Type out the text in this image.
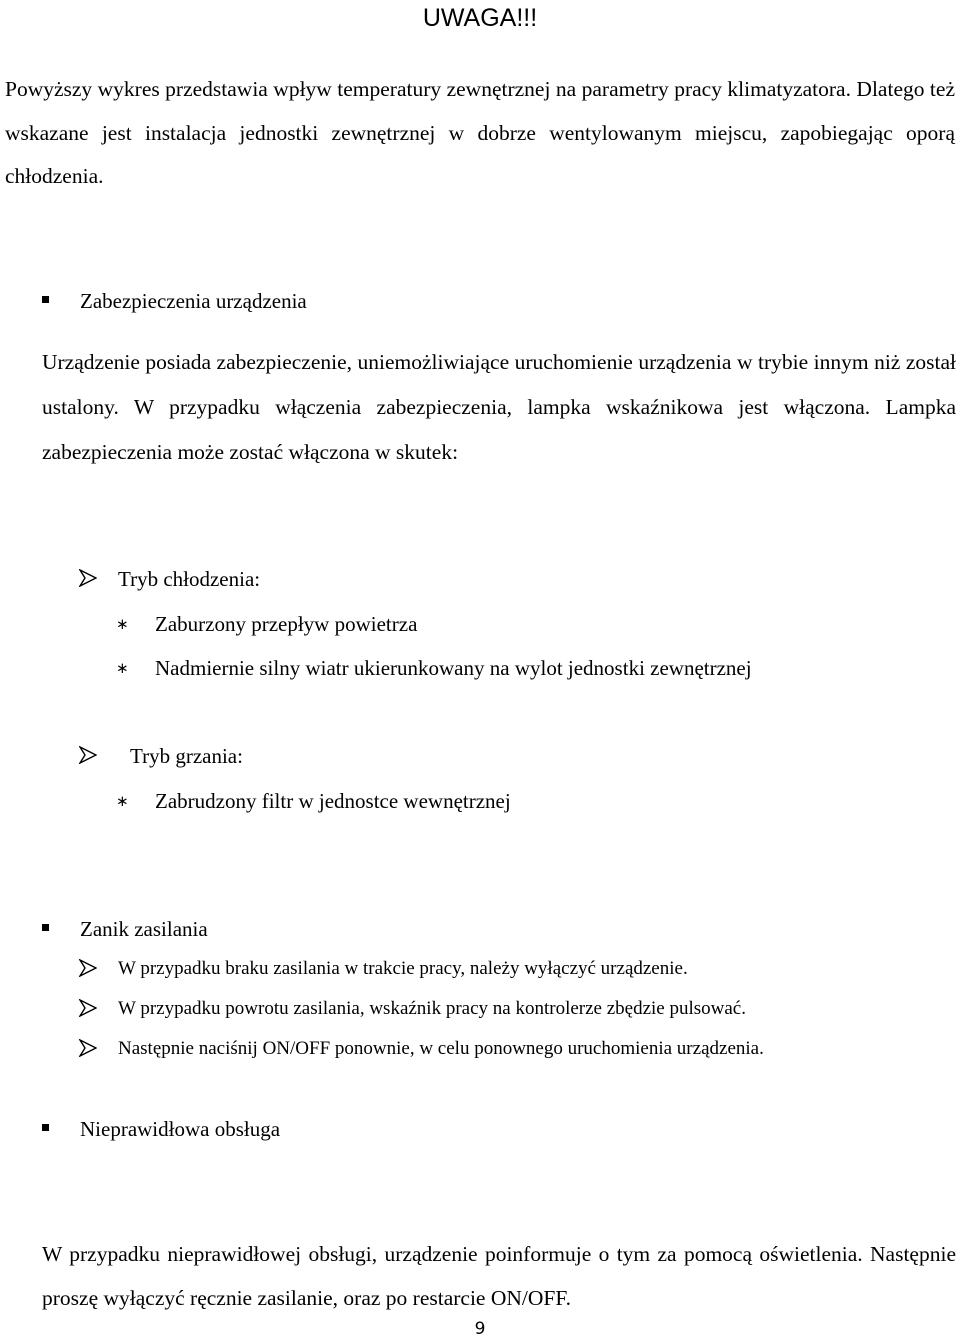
UWAGA!!!
Powyższy wykres przedstawia wpływ temperatury zewnętrznej na parametry pracy klimatyzatora. Dlatego też wskazane jest instalacja jednostki zewnętrznej w dobrze wentylowanym miejscu, zapobiegając oporą chłodzenia.
Zabezpieczenia urządzenia
Urządzenie posiada zabezpieczenie, uniemożliwiające uruchomienie urządzenia w trybie innym niż został ustalony. W przypadku włączenia zabezpieczenia, lampka wskaźnikowa jest włączona. Lampka zabezpieczenia może zostać włączona w skutek:
Tryb chłodzenia:
∗ Zaburzony przepływ powietrza
∗ Nadmiernie silny wiatr ukierunkowany na wylot jednostki zewnętrznej
Tryb grzania:
∗ Zabrudzony filtr w jednostce wewnętrznej
Zanik zasilania
W przypadku braku zasilania w trakcie pracy, należy wyłączyć urządzenie.
W przypadku powrotu zasilania, wskaźnik pracy na kontrolerze zbędzie pulsować.
Następnie naciśnij ON/OFF ponownie, w celu ponownego uruchomienia urządzenia.
Nieprawidłowa obsługa
W przypadku nieprawidłowej obsługi, urządzenie poinformuje o tym za pomocą oświetlenia. Następnie proszę wyłączyć ręcznie zasilanie, oraz po restarcie ON/OFF.
9
